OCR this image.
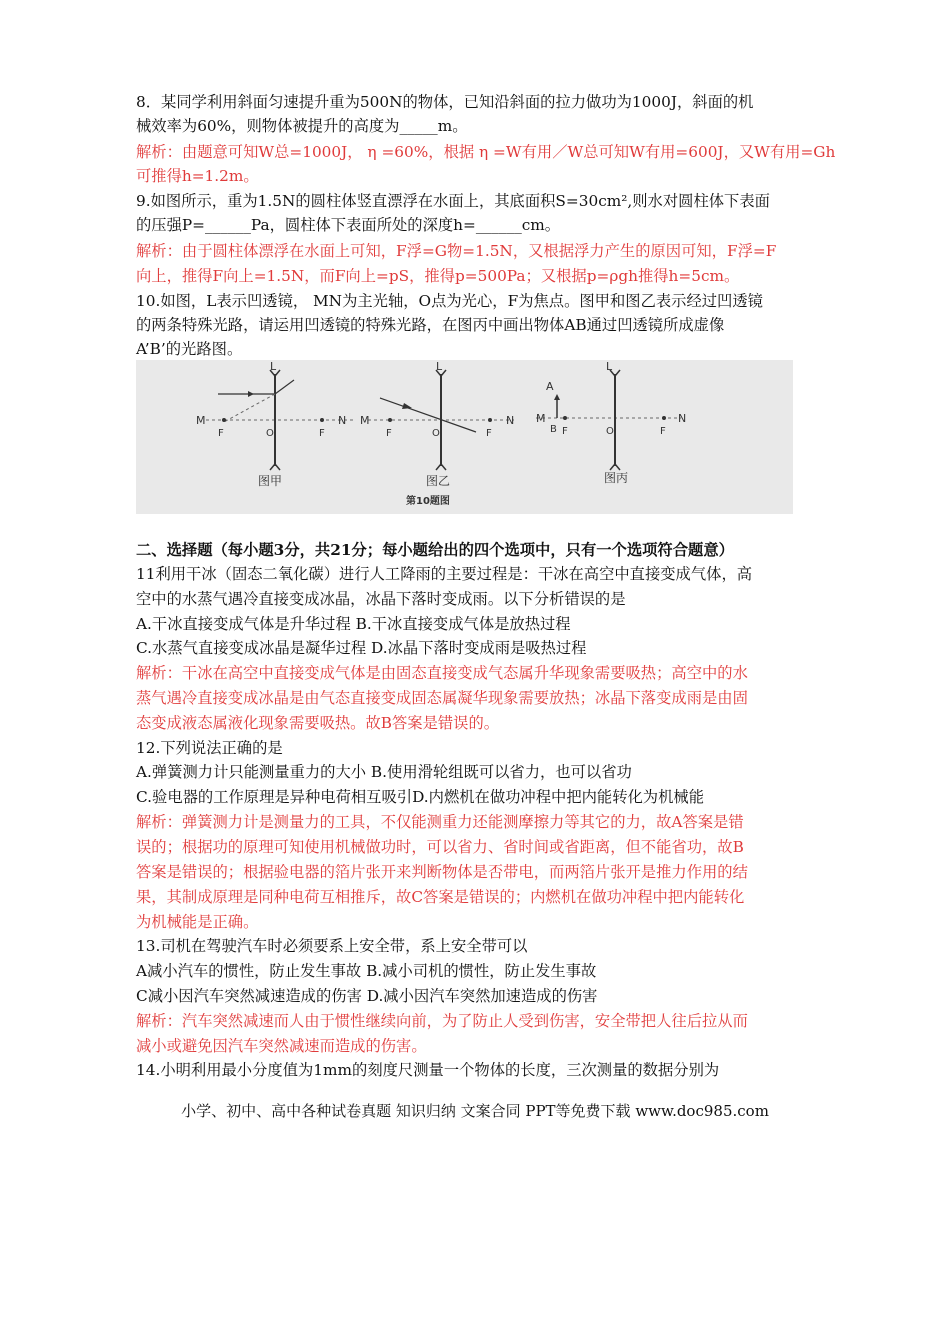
8．某同学利用斜面匀速提升重为500N的物体，已知沿斜面的拉力做功为1000J，斜面的机
械效率为60%，则物体被提升的高度为_____m。
解析：由题意可知W总=1000J， η =60%，根据 η =W有用／W总可知W有用=600J，又W有用=Gh
可推得h=1.2m。
9.如图所示，重为1.5N的圆柱体竖直漂浮在水面上，其底面积S=30cm²,则水对圆柱体下表面
的压强P=______Pa，圆柱体下表面所处的深度h=______cm。
解析：由于圆柱体漂浮在水面上可知，F浮=G物=1.5N，又根据浮力产生的原因可知，F浮=F
向上，推得F向上=1.5N，而F向上=pS，推得p=500Pa；又根据p=ρgh推得h=5cm。
10.如图，L表示凹透镜， MN为主光轴，O点为光心，F为焦点。图甲和图乙表示经过凹透镜
的两条特殊光路，请运用凹透镜的特殊光路，在图丙中画出物体AB通过凹透镜所成虚像
A’B’的光路图。
M
L
F	O	F
N
图甲
M
L
F	O	F
N
图乙
A
M
B F
L
O	F
N
图丙
第10题图
二、选择题（每小题3分，共21分；每小题给出的四个选项中，只有一个选项符合题意）
11利用干冰（固态二氧化碳）进行人工降雨的主要过程是：干冰在高空中直接变成气体，高
空中的水蒸气遇冷直接变成冰晶，冰晶下落时变成雨。以下分析错误的是
A.干冰直接变成气体是升华过程 B.干冰直接变成气体是放热过程
C.水蒸气直接变成冰晶是凝华过程 D.冰晶下落时变成雨是吸热过程
解析：干冰在高空中直接变成气体是由固态直接变成气态属升华现象需要吸热；高空中的水
蒸气遇冷直接变成冰晶是由气态直接变成固态属凝华现象需要放热；冰晶下落变成雨是由固
态变成液态属液化现象需要吸热。故B答案是错误的。
12.下列说法正确的是
A.弹簧测力计只能测量重力的大小 B.使用滑轮组既可以省力，也可以省功
C.验电器的工作原理是异种电荷相互吸引D.内燃机在做功冲程中把内能转化为机械能
解析：弹簧测力计是测量力的工具，不仅能测重力还能测摩擦力等其它的力，故A答案是错
误的；根据功的原理可知使用机械做功时，可以省力、省时间或省距离，但不能省功，故B
答案是错误的；根据验电器的箔片张开来判断物体是否带电，而两箔片张开是推力作用的结
果，其制成原理是同种电荷互相推斥，故C答案是错误的；内燃机在做功冲程中把内能转化
为机械能是正确。
13.司机在驾驶汽车时必须要系上安全带，系上安全带可以
A减小汽车的惯性，防止发生事故 B.减小司机的惯性，防止发生事故
C减小因汽车突然减速造成的伤害 D.减小因汽车突然加速造成的伤害
解析：汽车突然减速而人由于惯性继续向前，为了防止人受到伤害，安全带把人往后拉从而
减小或避免因汽车突然减速而造成的伤害。
14.小明利用最小分度值为1mm的刻度尺测量一个物体的长度，三次测量的数据分别为
小学、初中、高中各种试卷真题 知识归纳 文案合同 PPT等免费下载 www.doc985.com
